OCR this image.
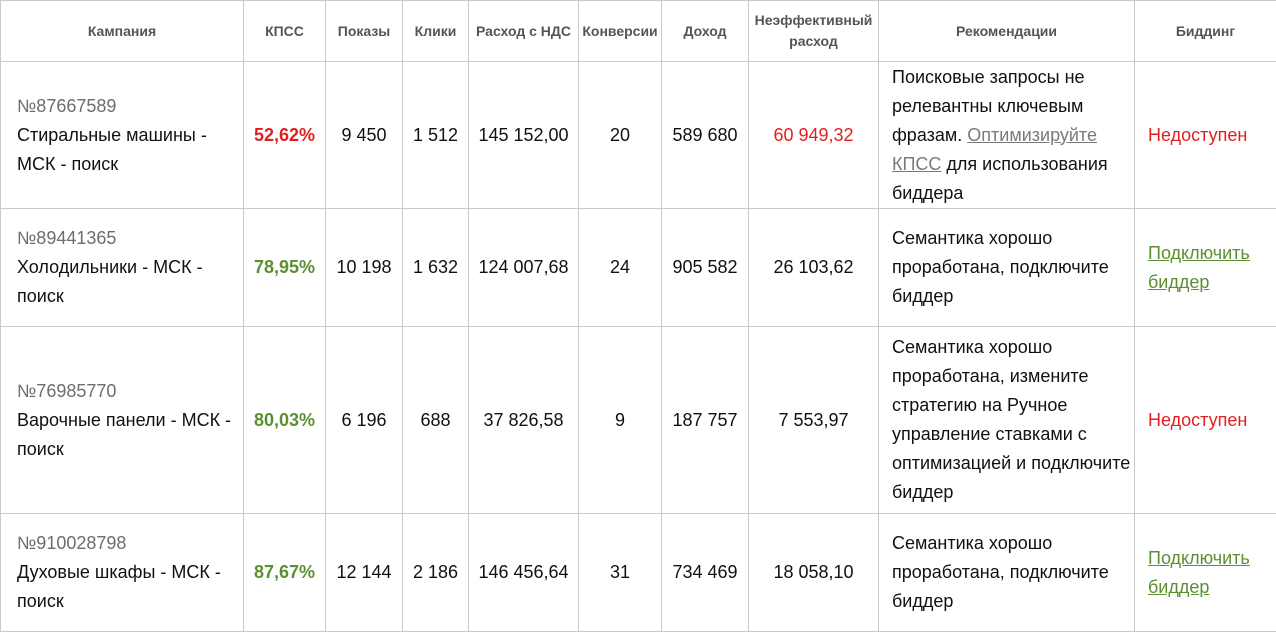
Кампания	КПСС	Показы	Клики	Расход с НДС	Конверсии	Доход	Неэффективный
расход	Рекомендации	Биддинг

№87667589
Стиральные машины - МСК - поиск	52,62%	9 450	1 512	145 152,00	20	589 680	60 949,32	Поисковые запросы не релевантны ключевым фразам. Оптимизируйте КПСС для использования биддера	Недоступен

№89441365
Холодильники - МСК - поиск	78,95%	10 198	1 632	124 007,68	24	905 582	26 103,62	Семантика хорошо проработана, подключите биддер	Подключить биддер

№76985770
Варочные панели - МСК - поиск	80,03%	6 196	688	37 826,58	9	187 757	7 553,97	Семантика хорошо проработана, измените стратегию на Ручное управление ставками с оптимизацией и подключите биддер	Недоступен

№910028798
Духовые шкафы - МСК - поиск	87,67%	12 144	2 186	146 456,64	31	734 469	18 058,10	Семантика хорошо проработана, подключите биддер	Подключить биддер
